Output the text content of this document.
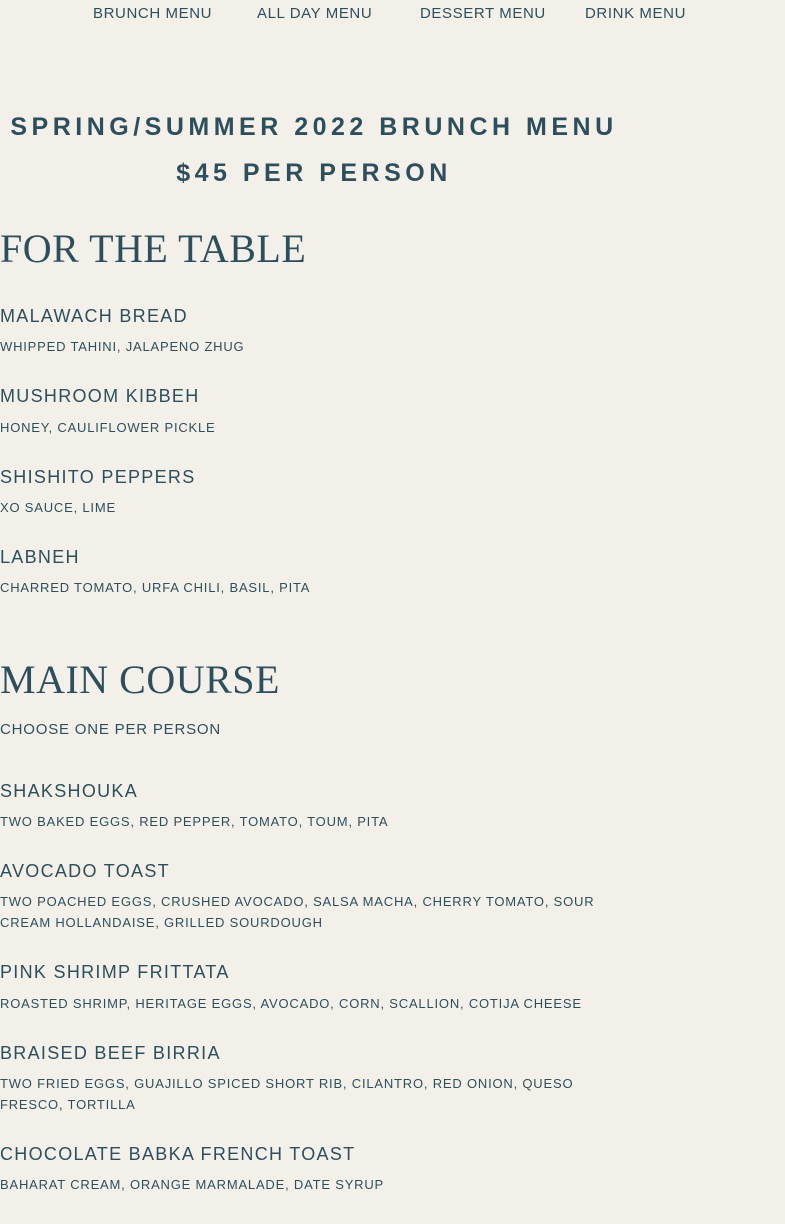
BRUNCH MENU	ALL DAY MENU	DESSERT MENU	DRINK MENU
SPRING/SUMMER 2022 BRUNCH MENU
$45 PER PERSON
FOR THE TABLE
MALAWACH BREAD
WHIPPED TAHINI, JALAPENO ZHUG
MUSHROOM KIBBEH
HONEY, CAULIFLOWER PICKLE
SHISHITO PEPPERS
XO SAUCE, LIME
LABNEH
CHARRED TOMATO, URFA CHILI, BASIL, PITA
MAIN COURSE
CHOOSE ONE PER PERSON
SHAKSHOUKA
TWO BAKED EGGS, RED PEPPER, TOMATO, TOUM, PITA
AVOCADO TOAST
TWO POACHED EGGS, CRUSHED AVOCADO, SALSA MACHA, CHERRY TOMATO, SOUR CREAM HOLLANDAISE, GRILLED SOURDOUGH
PINK SHRIMP FRITTATA
ROASTED SHRIMP, HERITAGE EGGS, AVOCADO, CORN, SCALLION, COTIJA CHEESE
BRAISED BEEF BIRRIA
TWO FRIED EGGS, GUAJILLO SPICED SHORT RIB, CILANTRO, RED ONION, QUESO FRESCO, TORTILLA
CHOCOLATE BABKA FRENCH TOAST
BAHARAT CREAM, ORANGE MARMALADE, DATE SYRUP
